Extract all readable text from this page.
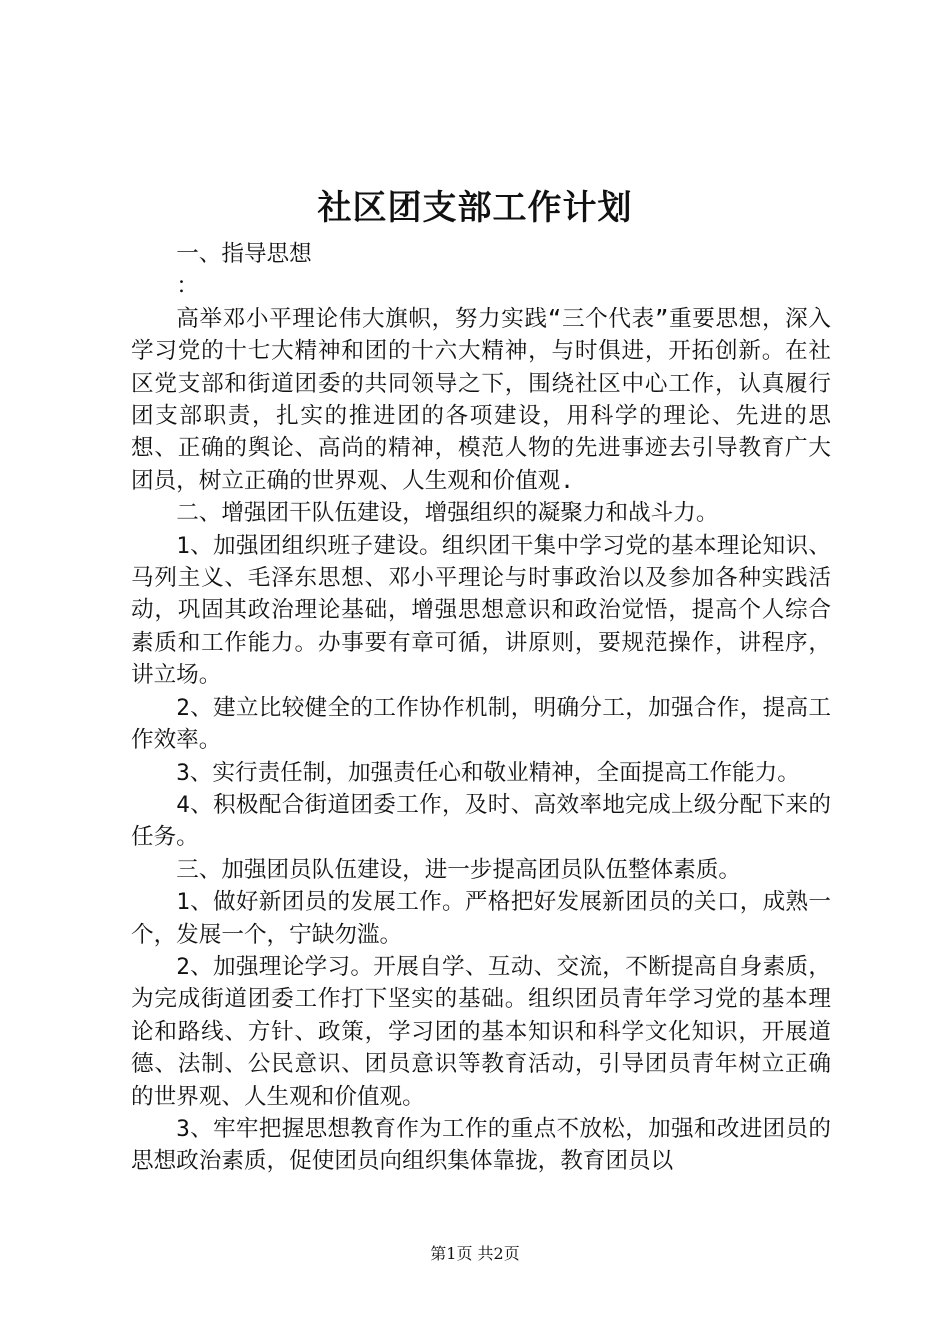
社区团支部工作计划

一、指导思想

：

高举邓小平理论伟大旗帜，努力实践“三个代表”重要思想，深入学习党的十七大精神和团的十六大精神，与时俱进，开拓创新。在社区党支部和街道团委的共同领导之下，围绕社区中心工作，认真履行团支部职责，扎实的推进团的各项建设，用科学的理论、先进的思想、正确的舆论、高尚的精神，模范人物的先进事迹去引导教育广大团员，树立正确的世界观、人生观和价值观.

二、增强团干队伍建设，增强组织的凝聚力和战斗力。

1、加强团组织班子建设。组织团干集中学习党的基本理论知识、马列主义、毛泽东思想、邓小平理论与时事政治以及参加各种实践活动，巩固其政治理论基础，增强思想意识和政治觉悟，提高个人综合素质和工作能力。办事要有章可循，讲原则，要规范操作，讲程序，讲立场。

2、建立比较健全的工作协作机制，明确分工，加强合作，提高工作效率。

3、实行责任制，加强责任心和敬业精神，全面提高工作能力。

4、积极配合街道团委工作，及时、高效率地完成上级分配下来的任务。

三、加强团员队伍建设，进一步提高团员队伍整体素质。

1、做好新团员的发展工作。严格把好发展新团员的关口，成熟一个，发展一个，宁缺勿滥。

2、加强理论学习。开展自学、互动、交流，不断提高自身素质，为完成街道团委工作打下坚实的基础。组织团员青年学习党的基本理论和路线、方针、政策，学习团的基本知识和科学文化知识，开展道德、法制、公民意识、团员意识等教育活动，引导团员青年树立正确的世界观、人生观和价值观。

3、牢牢把握思想教育作为工作的重点不放松，加强和改进团员的思想政治素质，促使团员向组织集体靠拢，教育团员以

第1页 共2页
